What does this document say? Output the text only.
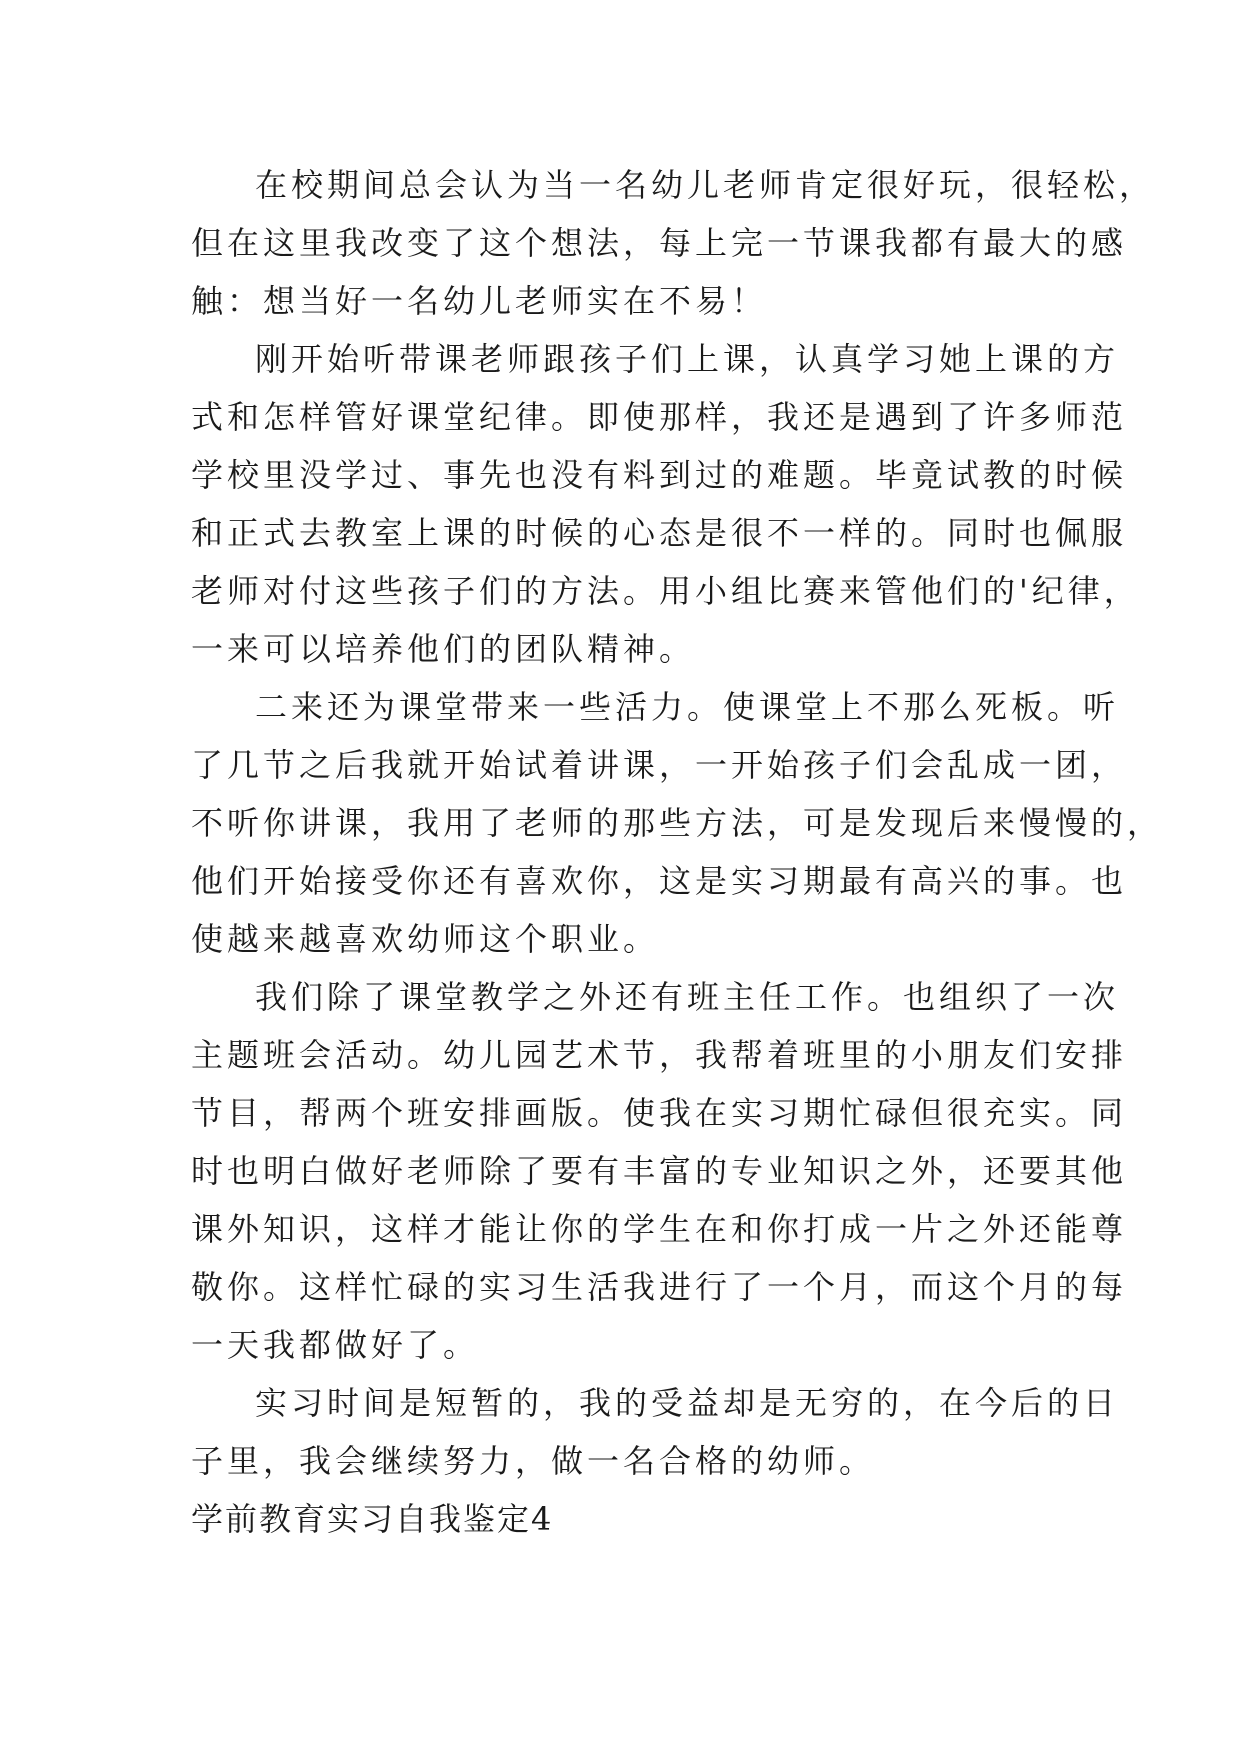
在校期间总会认为当一名幼儿老师肯定很好玩，很轻松，
但在这里我改变了这个想法，每上完一节课我都有最大的感
触：想当好一名幼儿老师实在不易！
刚开始听带课老师跟孩子们上课，认真学习她上课的方
式和怎样管好课堂纪律。即使那样，我还是遇到了许多师范
学校里没学过、事先也没有料到过的难题。毕竟试教的时候
和正式去教室上课的时候的心态是很不一样的。同时也佩服
老师对付这些孩子们的方法。用小组比赛来管他们的'纪律，
一来可以培养他们的团队精神。
二来还为课堂带来一些活力。使课堂上不那么死板。听
了几节之后我就开始试着讲课，一开始孩子们会乱成一团，
不听你讲课，我用了老师的那些方法，可是发现后来慢慢的，
他们开始接受你还有喜欢你，这是实习期最有高兴的事。也
使越来越喜欢幼师这个职业。
我们除了课堂教学之外还有班主任工作。也组织了一次
主题班会活动。幼儿园艺术节，我帮着班里的小朋友们安排
节目，帮两个班安排画版。使我在实习期忙碌但很充实。同
时也明白做好老师除了要有丰富的专业知识之外，还要其他
课外知识，这样才能让你的学生在和你打成一片之外还能尊
敬你。这样忙碌的实习生活我进行了一个月，而这个月的每
一天我都做好了。
实习时间是短暂的，我的受益却是无穷的，在今后的日
子里，我会继续努力，做一名合格的幼师。
学前教育实习自我鉴定4
